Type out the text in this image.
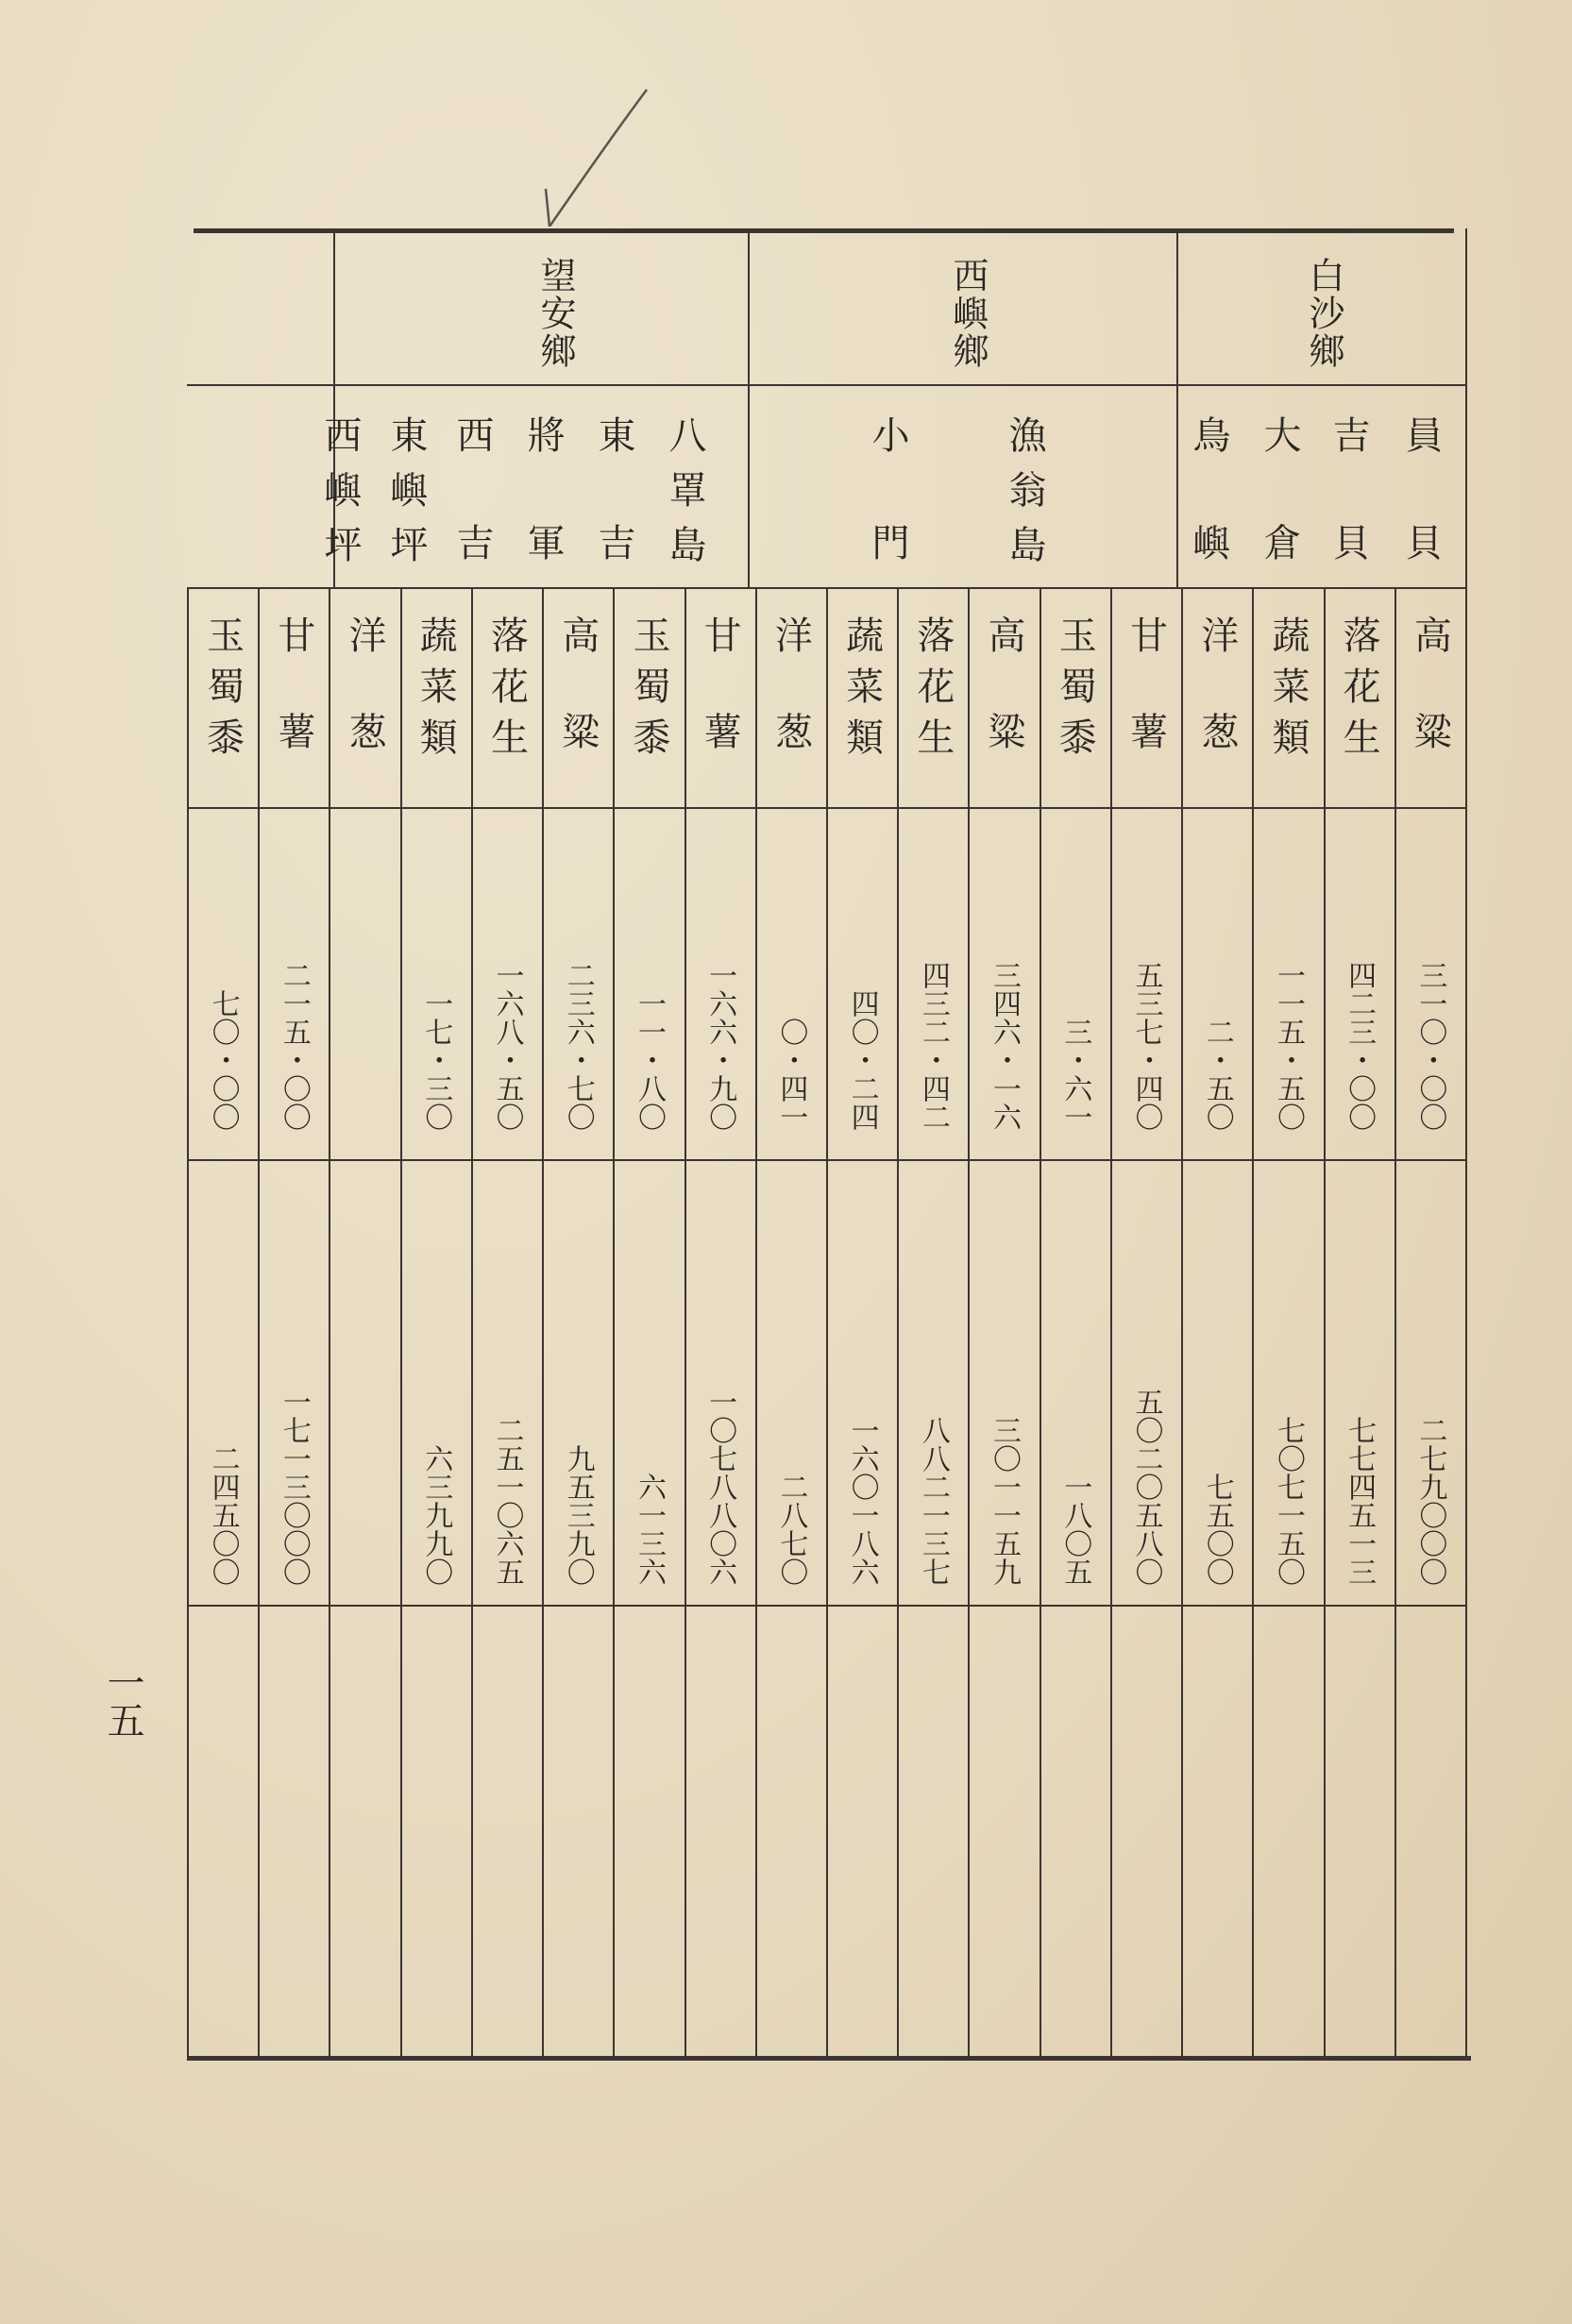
白沙鄉
西嶼鄉
望安鄉
員貝
吉貝
大倉
鳥嶼
漁翁島
小門
八罩島
東吉
將軍
西吉
東嶼坪
西嶼坪
高粱
三一〇・〇〇
二七九〇〇〇
落花生
四二三・〇〇
七七四五一三
蔬菜類
一一五・五〇
七〇七一五〇
洋葱
二・五〇
七五〇〇
甘薯
五三七・四〇
五〇二〇五八〇
玉蜀黍
三・六一
一八〇五
高粱
三四六・一六
三〇一一五九
落花生
四三二・四二
八八二一三七
蔬菜類
四〇・二四
一六〇一八六
洋葱
〇・四一
二八七〇
甘薯
一六六・九〇
一〇七八八〇六
玉蜀黍
一一・八〇
六一三六
高粱
二三六・七〇
九五三九〇
落花生
一六八・五〇
二五一〇六五
蔬菜類
一七・三〇
六三九九〇
洋葱
甘薯
二一五・〇〇
一七一三〇〇〇
玉蜀黍
七〇・〇〇
二四五〇〇
一五
